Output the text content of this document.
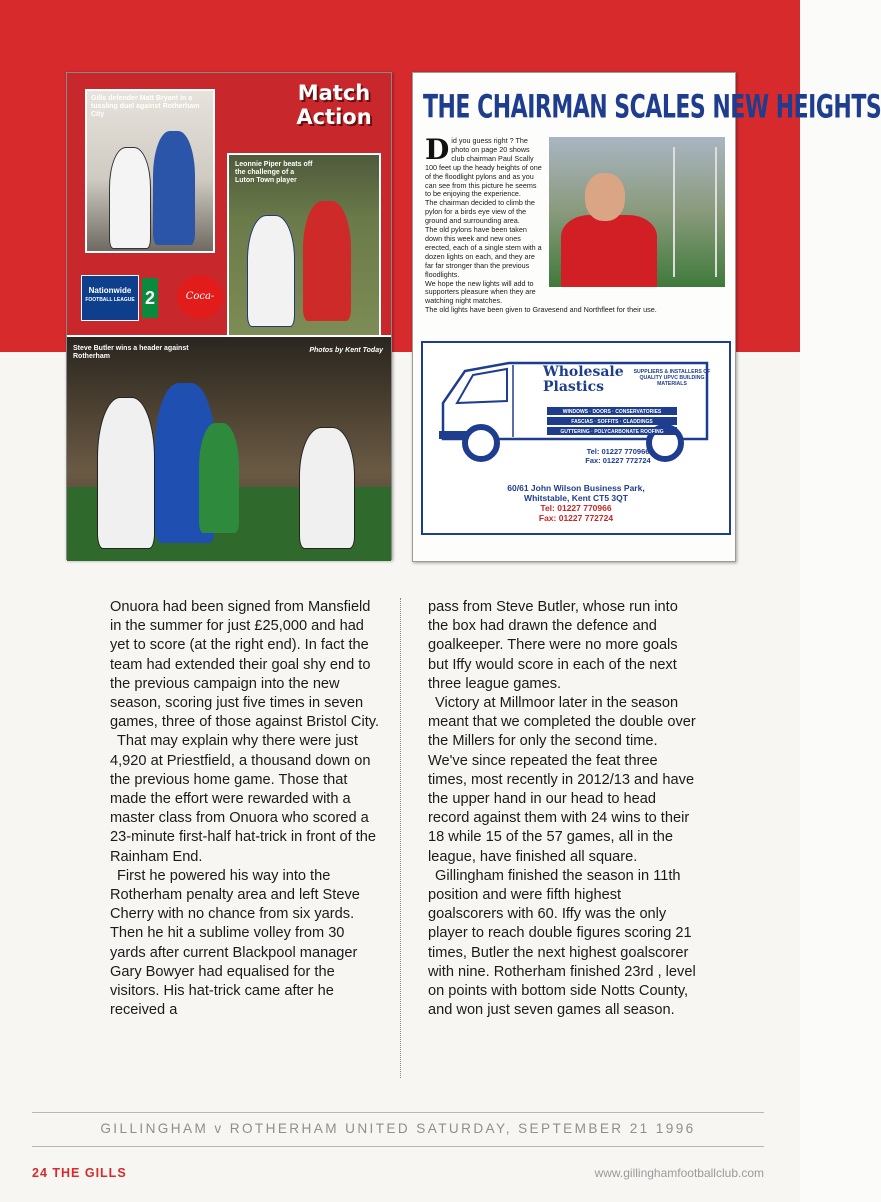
Match
Action
Gills defender Matt Bryant in a tussling duel against Rotherham City
Leonnie Piper beats off the challenge of a Luton Town player
Nationwide
FOOTBALL LEAGUE 2	Coca-
Steve Butler wins a header against Rotherham
Photos by Kent Today
THE CHAIRMAN SCALES NEW HEIGHTS
D id you guess right ? The photo on page 20 shows club chairman Paul Scally 100 feet up the heady heights of one of the floodlight pylons and as you can see from this picture he seems to be enjoying the experience.
The chairman decided to climb the pylon for a birds eye view of the ground and surrounding area.
The old pylons have been taken down this week and new ones erected, each of a single stem with a dozen lights on each, and they are far far stronger than the previous floodlights.
We hope the new lights will add to supporters pleasure when they are watching night matches.
The old lights have been given to Gravesend and Northfleet for their use.
Wholesale
Plastics
SUPPLIERS & INSTALLERS OF QUALITY UPVC BUILDING MATERIALS
WINDOWS · DOORS · CONSERVATORIES
FASCIAS · SOFFITS · CLADDINGS
GUTTERING · POLYCARBONATE ROOFING
Tel: 01227 770966
Fax: 01227 772724
60/61 John Wilson Business Park,
Whitstable, Kent CT5 3QT
Tel: 01227 770966
Fax: 01227 772724

Onuora had been signed from Mansfield in the summer for just £25,000 and had yet to score (at the right end). In fact the team had extended their goal shy end to the previous campaign into the new season, scoring just five times in seven games, three of those against Bristol City.

That may explain why there were just 4,920 at Priestfield, a thousand down on the previous home game. Those that made the effort were rewarded with a master class from Onuora who scored a 23-minute first-half hat-trick in front of the Rainham End.

First he powered his way into the Rotherham penalty area and left Steve Cherry with no chance from six yards. Then he hit a sublime volley from 30 yards after current Blackpool manager Gary Bowyer had equalised for the visitors. His hat-trick came after he received a

pass from Steve Butler, whose run into the box had drawn the defence and goalkeeper. There were no more goals but Iffy would score in each of the next three league games.

Victory at Millmoor later in the season meant that we completed the double over the Millers for only the second time. We've since repeated the feat three times, most recently in 2012/13 and have the upper hand in our head to head record against them with 24 wins to their 18 while 15 of the 57 games, all in the league, have finished all square.

Gillingham finished the season in 11th position and were fifth highest goalscorers with 60. Iffy was the only player to reach double figures scoring 21 times, Butler the next highest goalscorer with nine. Rotherham finished 23rd , level on points with bottom side Notts County, and won just seven games all season.

GILLINGHAM v ROTHERHAM UNITED SATURDAY, SEPTEMBER 21 1996
24 THE GILLS	www.gillinghamfootballclub.com
